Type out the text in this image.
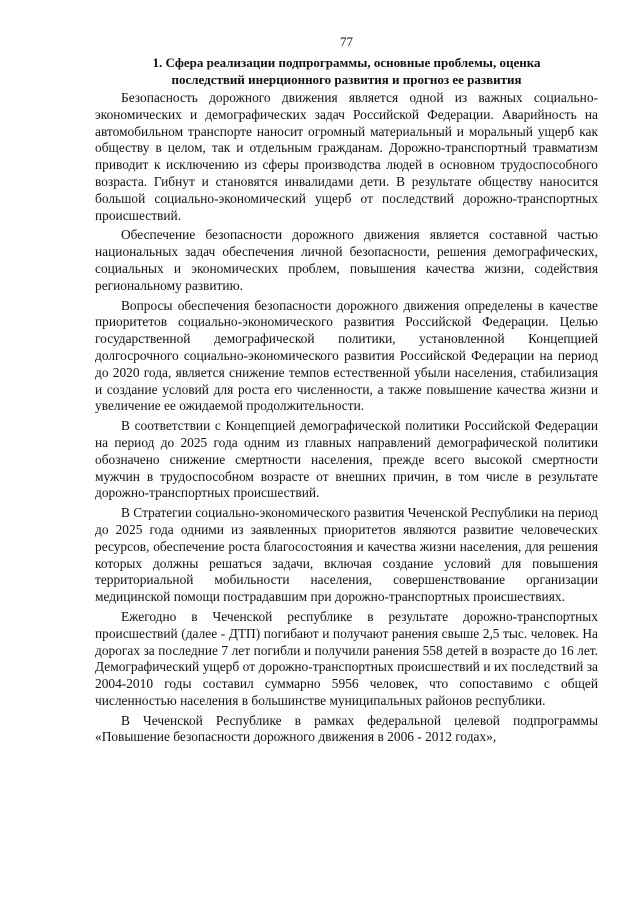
77
1. Сфера реализации подпрограммы, основные проблемы, оценка
последствий инерционного развития и прогноз ее развития

Безопасность дорожного движения является одной из важных социально-экономических и демографических задач Российской Федерации. Аварийность на автомобильном транспорте наносит огромный материальный и моральный ущерб как обществу в целом, так и отдельным гражданам. Дорожно-транспортный травматизм приводит к исключению из сферы производства людей в основном трудоспособного возраста. Гибнут и становятся инвалидами дети. В результате обществу наносится большой социально-экономический ущерб от последствий дорожно-транспортных происшествий.

Обеспечение безопасности дорожного движения является составной частью национальных задач обеспечения личной безопасности, решения демографических, социальных и экономических проблем, повышения качества жизни, содействия региональному развитию.

Вопросы обеспечения безопасности дорожного движения определены в качестве приоритетов социально-экономического развития Российской Федерации. Целью государственной демографической политики, установленной Концепцией долгосрочного социально-экономического развития Российской Федерации на период до 2020 года, является снижение темпов естественной убыли населения, стабилизация и создание условий для роста его численности, а также повышение качества жизни и увеличение ее ожидаемой продолжительности.

В соответствии с Концепцией демографической политики Российской Федерации на период до 2025 года одним из главных направлений демографической политики обозначено снижение смертности населения, прежде всего высокой смертности мужчин в трудоспособном возрасте от внешних причин, в том числе в результате дорожно-транспортных происшествий.

В Стратегии социально-экономического развития Чеченской Республики на период до 2025 года одними из заявленных приоритетов являются развитие человеческих ресурсов, обеспечение роста благосостояния и качества жизни населения, для решения которых должны решаться задачи, включая создание условий для повышения территориальной мобильности населения, совершенствование организации медицинской помощи пострадавшим при дорожно-транспортных происшествиях.

Ежегодно в Чеченской республике в результате дорожно-транспортных происшествий (далее - ДТП) погибают и получают ранения свыше 2,5 тыс. человек. На дорогах за последние 7 лет погибли и получили ранения 558 детей в возрасте до 16 лет. Демографический ущерб от дорожно-транспортных происшествий и их последствий за 2004-2010 годы составил суммарно 5956 человек, что сопоставимо с общей численностью населения в большинстве муниципальных районов республики.

В Чеченской Республике в рамках федеральной целевой подпрограммы «Повышение безопасности дорожного движения в 2006 - 2012 годах»,
